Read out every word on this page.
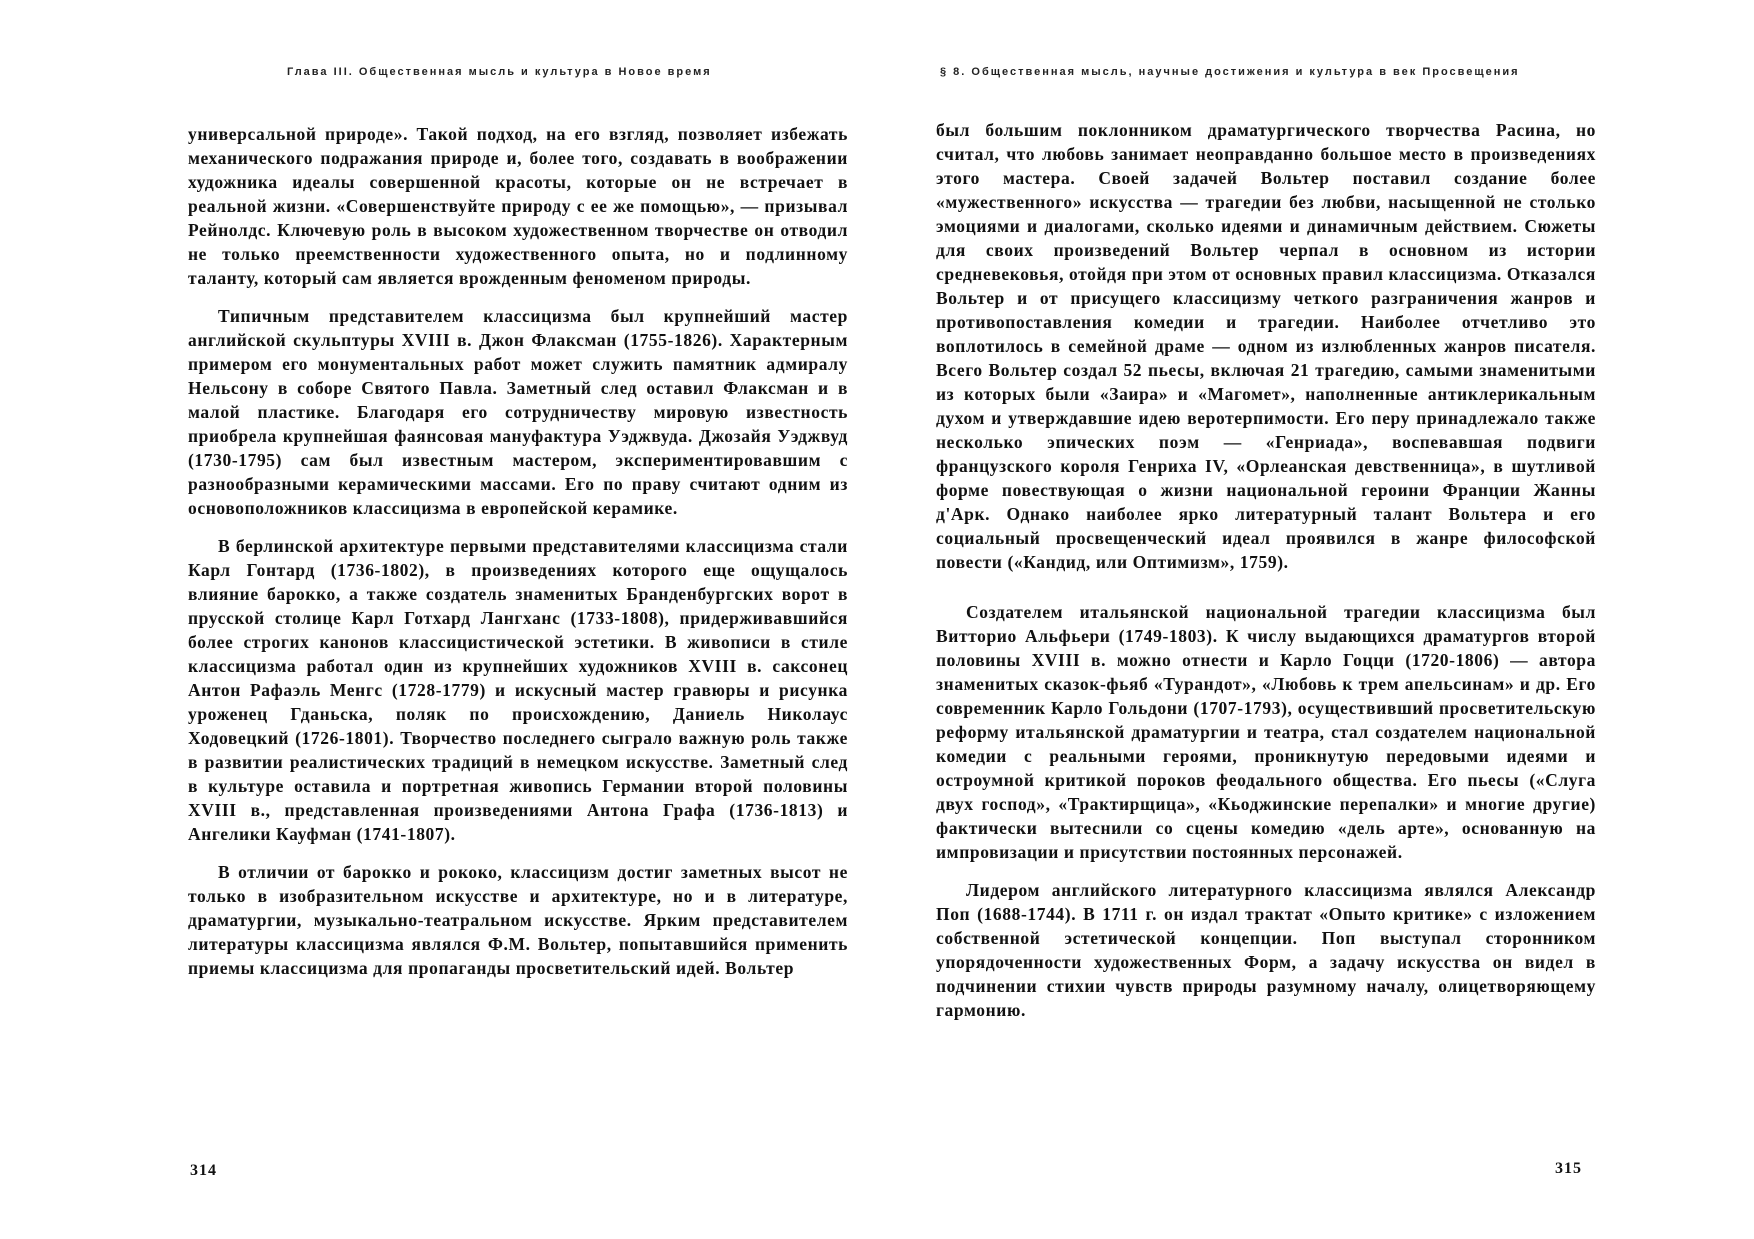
Глава III. Общественная мысль и культура в Новое время

универсальной природе». Такой подход, на его взгляд, позволяет избежать механического подражания природе и, более того, создавать в воображении художника идеалы совершенной красоты, которые он не встречает в реальной жизни. «Совершенствуйте природу с ее же помощью», — призывал Рейнолдс. Ключевую роль в высоком художественном творчестве он отводил не только преемственности художественного опыта, но и подлинному таланту, который сам является врожденным феноменом природы.

Типичным представителем классицизма был крупнейший мастер английской скульптуры XVIII в. Джон Флаксман (1755-1826). Характерным примером его монументальных работ может служить памятник адмиралу Нельсону в соборе Святого Павла. Заметный след оставил Флаксман и в малой пластике. Благодаря его сотрудничеству мировую известность приобрела крупнейшая фаянсовая мануфактура Уэджвуда. Джозайя Уэджвуд (1730-1795) сам был известным мастером, экспериментировавшим с разнообразными керамическими массами. Его по праву считают одним из основоположников классицизма в европейской керамике.

В берлинской архитектуре первыми представителями классицизма стали Карл Гонтард (1736-1802), в произведениях которого еще ощущалось влияние барокко, а также создатель знаменитых Бранденбургских ворот в прусской столице Карл Готхард Лангханс (1733-1808), придерживавшийся более строгих канонов классицистической эстетики. В живописи в стиле классицизма работал один из крупнейших художников XVIII в. саксонец Антон Рафаэль Менгс (1728-1779) и искусный мастер гравюры и рисунка уроженец Гданьска, поляк по происхождению, Даниель Николаус Ходовецкий (1726-1801). Творчество последнего сыграло важную роль также в развитии реалистических традиций в немецком искусстве. Заметный след в культуре оставила и портретная живопись Германии второй половины XVIII в., представленная произведениями Антона Графа (1736-1813) и Ангелики Кауфман (1741-1807).

В отличии от барокко и рококо, классицизм достиг заметных высот не только в изобразительном искусстве и архитектуре, но и в литературе, драматургии, музыкально-театральном искусстве. Ярким представителем литературы классицизма являлся Ф.М. Вольтер, попытавшийся применить приемы классицизма для пропаганды просветительский идей. Вольтер

314
§ 8. Общественная мысль, научные достижения и культура в век Просвещения

был большим поклонником драматургического творчества Расина, но считал, что любовь занимает неоправданно большое место в произведениях этого мастера. Своей задачей Вольтер поставил создание более «мужественного» искусства — трагедии без любви, насыщенной не столько эмоциями и диалогами, сколько идеями и динамичным действием. Сюжеты для своих произведений Вольтер черпал в основном из истории средневековья, отойдя при этом от основных правил классицизма. Отказался Вольтер и от присущего классицизму четкого разграничения жанров и противопоставления комедии и трагедии. Наиболее отчетливо это воплотилось в семейной драме — одном из излюбленных жанров писателя. Всего Вольтер создал 52 пьесы, включая 21 трагедию, самыми знаменитыми из которых были «Заира» и «Магомет», наполненные антиклерикальным духом и утверждавшие идею веротерпимости. Его перу принадлежало также несколько эпических поэм — «Генриада», воспевавшая подвиги французского короля Генриха IV, «Орлеанская девственница», в шутливой форме повествующая о жизни национальной героини Франции Жанны д'Арк. Однако наиболее ярко литературный талант Вольтера и его социальный просвещенческий идеал проявился в жанре философской повести («Кандид, или Оптимизм», 1759).

Создателем итальянской национальной трагедии классицизма был Витторио Альфьери (1749-1803). К числу выдающихся драматургов второй половины XVIII в. можно отнести и Карло Гоцци (1720-1806) — автора знаменитых сказок-фьяб «Турандот», «Любовь к трем апельсинам» и др. Его современник Карло Гольдони (1707-1793), осуществивший просветительскую реформу итальянской драматургии и театра, стал создателем национальной комедии с реальными героями, проникнутую передовыми идеями и остроумной критикой пороков феодального общества. Его пьесы («Слуга двух господ», «Трактирщица», «Кьоджинские перепалки» и многие другие) фактически вытеснили со сцены комедию «дель арте», основанную на импровизации и присутствии постоянных персонажей.

Лидером английского литературного классицизма являлся Александр Поп (1688-1744). В 1711 г. он издал трактат «Опыто критике» с изложением собственной эстетической концепции. Поп выступал сторонником упорядоченности художественных Форм, а задачу искусства он видел в подчинении стихии чувств природы разумному началу, олицетворяющему гармонию.

315
